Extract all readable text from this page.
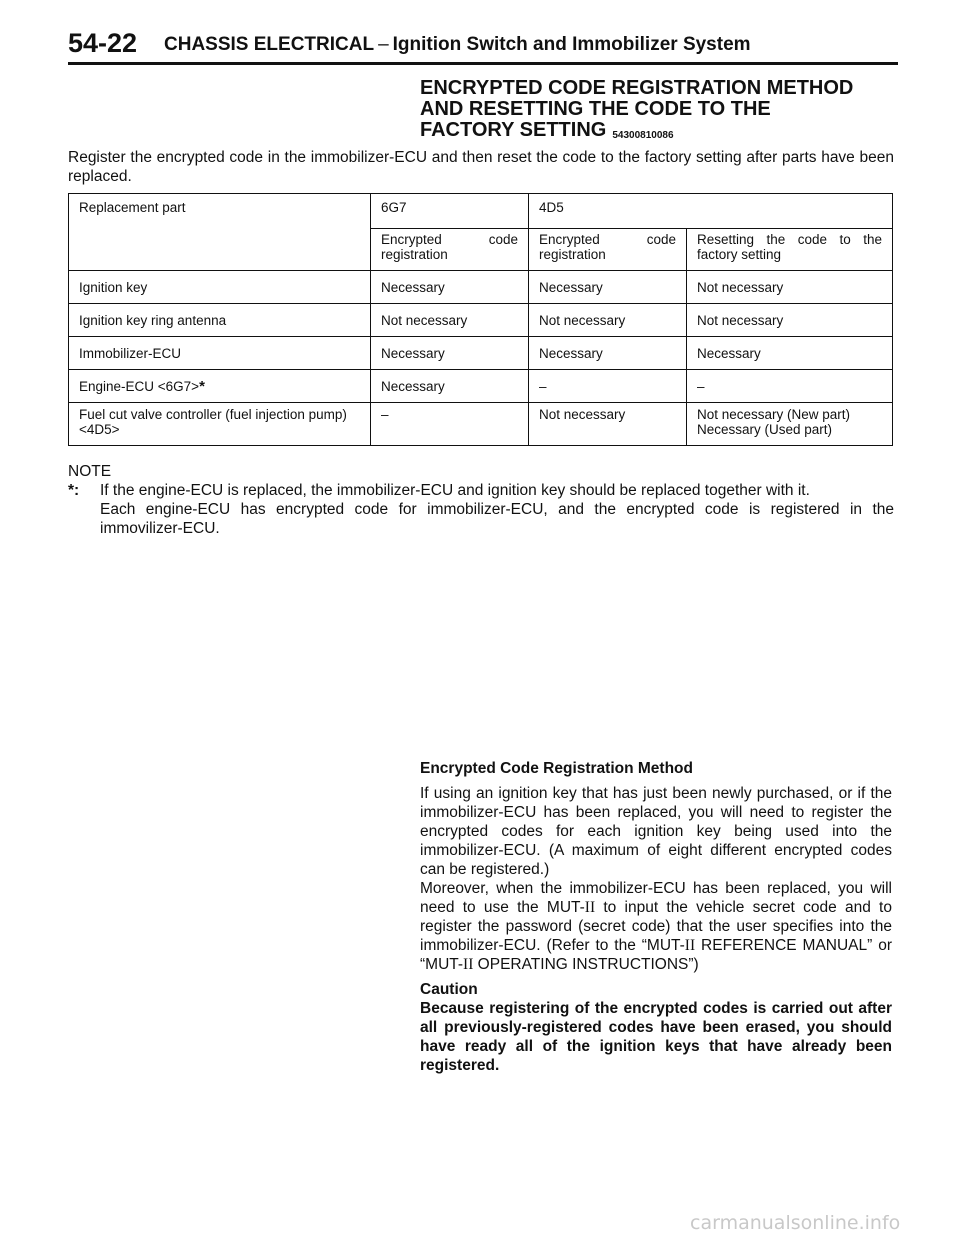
54-22 CHASSIS ELECTRICAL – Ignition Switch and Immobilizer System
ENCRYPTED CODE REGISTRATION METHOD
AND RESETTING THE CODE TO THE
FACTORY SETTING 54300810086
Register the encrypted code in the immobilizer-ECU and then reset the code to the factory setting after parts have been replaced.
Replacement part	6G7	4D5	
	Encrypted code registration	Encrypted code registration	Resetting the code to the factory setting
Ignition key	Necessary	Necessary	Not necessary
Ignition key ring antenna	Not necessary	Not necessary	Not necessary
Immobilizer-ECU	Necessary	Necessary	Necessary
Engine-ECU <6G7>*	Necessary	–	–
Fuel cut valve controller (fuel injection pump) <4D5>	–	Not necessary	Not necessary (New part)
Necessary (Used part)
NOTE
*: If the engine-ECU is replaced, the immobilizer-ECU and ignition key should be replaced together with it.

Each engine-ECU has encrypted code for immobilizer-ECU, and the encrypted code is registered in the immovilizer-ECU.

Encrypted Code Registration Method

If using an ignition key that has just been newly purchased, or if the immobilizer-ECU has been replaced, you will need to register the encrypted codes for each ignition key being used into the immobilizer-ECU. (A maximum of eight different encrypted codes can be registered.)

Moreover, when the immobilizer-ECU has been replaced, you will need to use the MUT-II to input the vehicle secret code and to register the password (secret code) that the user specifies into the immobilizer-ECU. (Refer to the “MUT-II REFERENCE MANUAL” or “MUT-II OPERATING INSTRUCTIONS”)

Caution
Because registering of the encrypted codes is carried out after all previously-registered codes have been erased, you should have ready all of the ignition keys that have already been registered.
carmanualsonline.info
